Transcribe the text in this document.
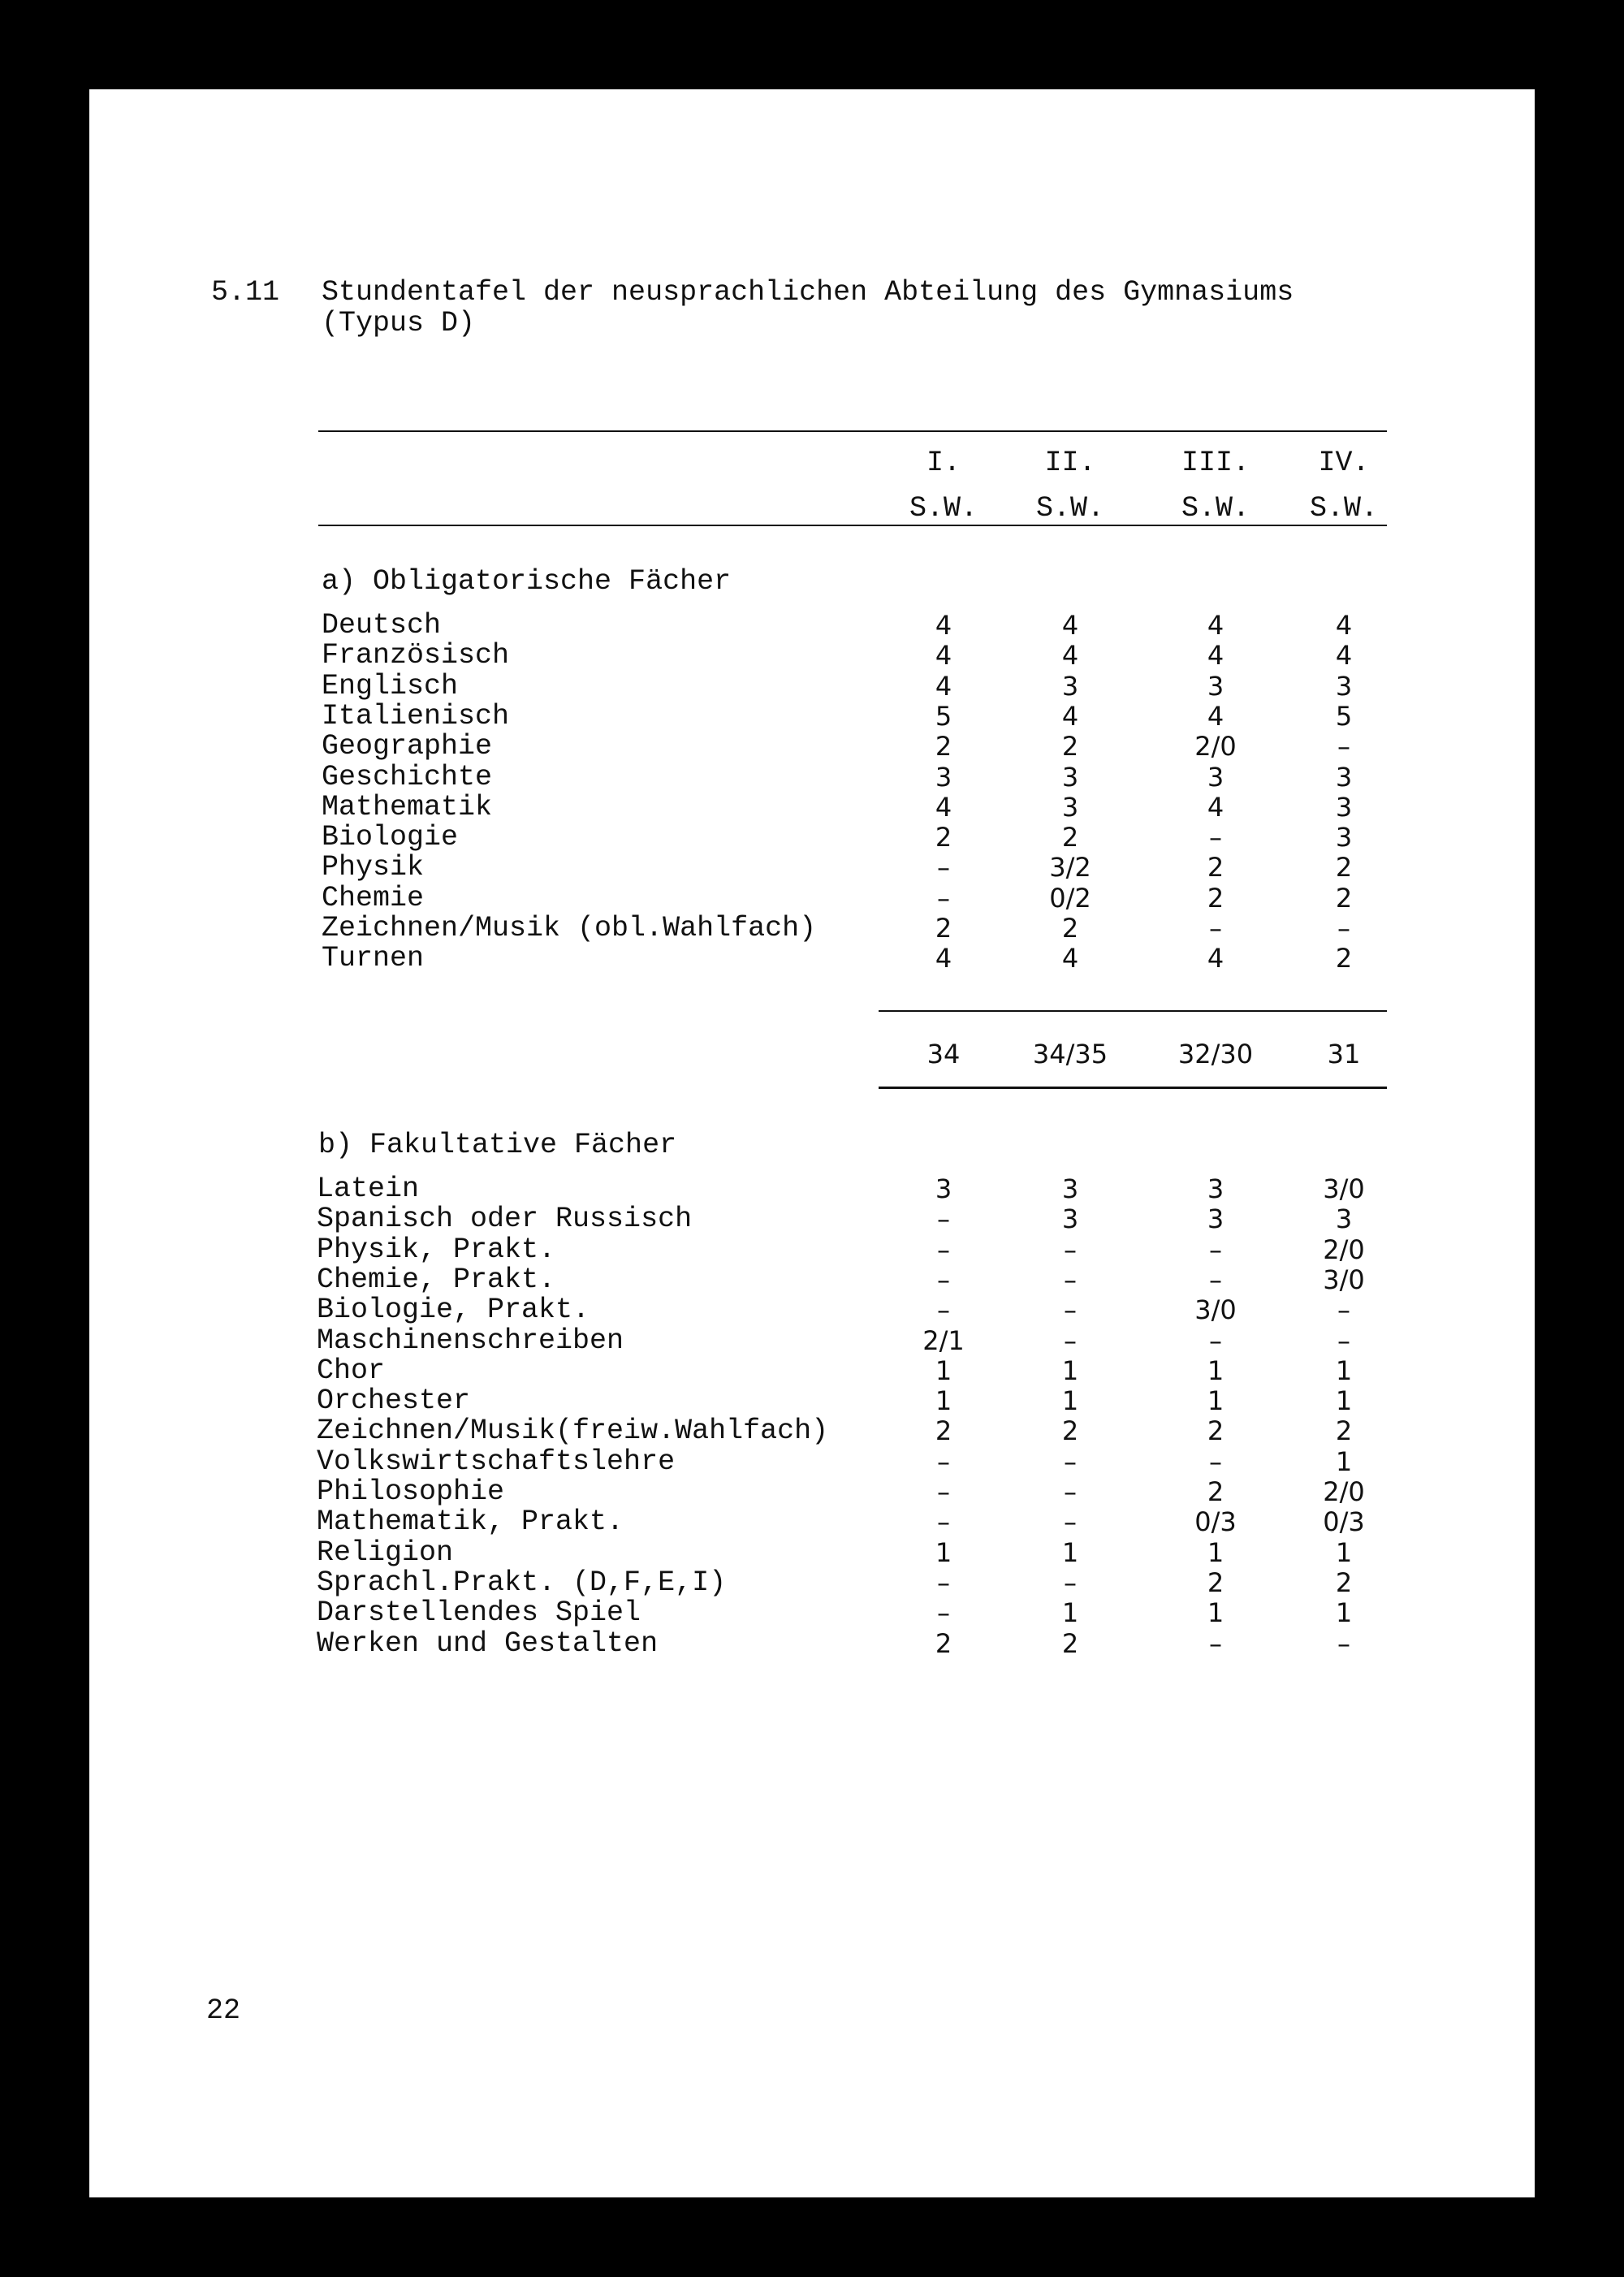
5.11 Stundentafel der neusprachlichen Abteilung des Gymnasiums
(Typus D)
I.	II.	III.	IV.
S.W.	S.W.	S.W.	S.W.
a) Obligatorische Fächer
Deutsch	4	4	4	4
Französisch	4	4	4	4
Englisch	4	3	3	3
Italienisch	5	4	4	5
Geographie	2	2	2/0	–
Geschichte	3	3	3	3
Mathematik	4	3	4	3
Biologie	2	2	–	3
Physik	–	3/2	2	2
Chemie	–	0/2	2	2
Zeichnen/Musik (obl.Wahlfach)	2	2	–	–
Turnen	4	4	4	2
34	34/35	32/30	31
b) Fakultative Fächer
Latein	3	3	3	3/0
Spanisch oder Russisch	–	3	3	3
Physik, Prakt.	–	–	–	2/0
Chemie, Prakt.	–	–	–	3/0
Biologie, Prakt.	–	–	3/0	–
Maschinenschreiben	2/1	–	–	–
Chor	1	1	1	1
Orchester	1	1	1	1
Zeichnen/Musik(freiw.Wahlfach)	2	2	2	2
Volkswirtschaftslehre	–	–	–	1
Philosophie	–	–	2	2/0
Mathematik, Prakt.	–	–	0/3	0/3
Religion	1	1	1	1
Sprachl.Prakt. (D,F,E,I)	–	–	2	2
Darstellendes Spiel	–	1	1	1
Werken und Gestalten	2	2	–	–
22
